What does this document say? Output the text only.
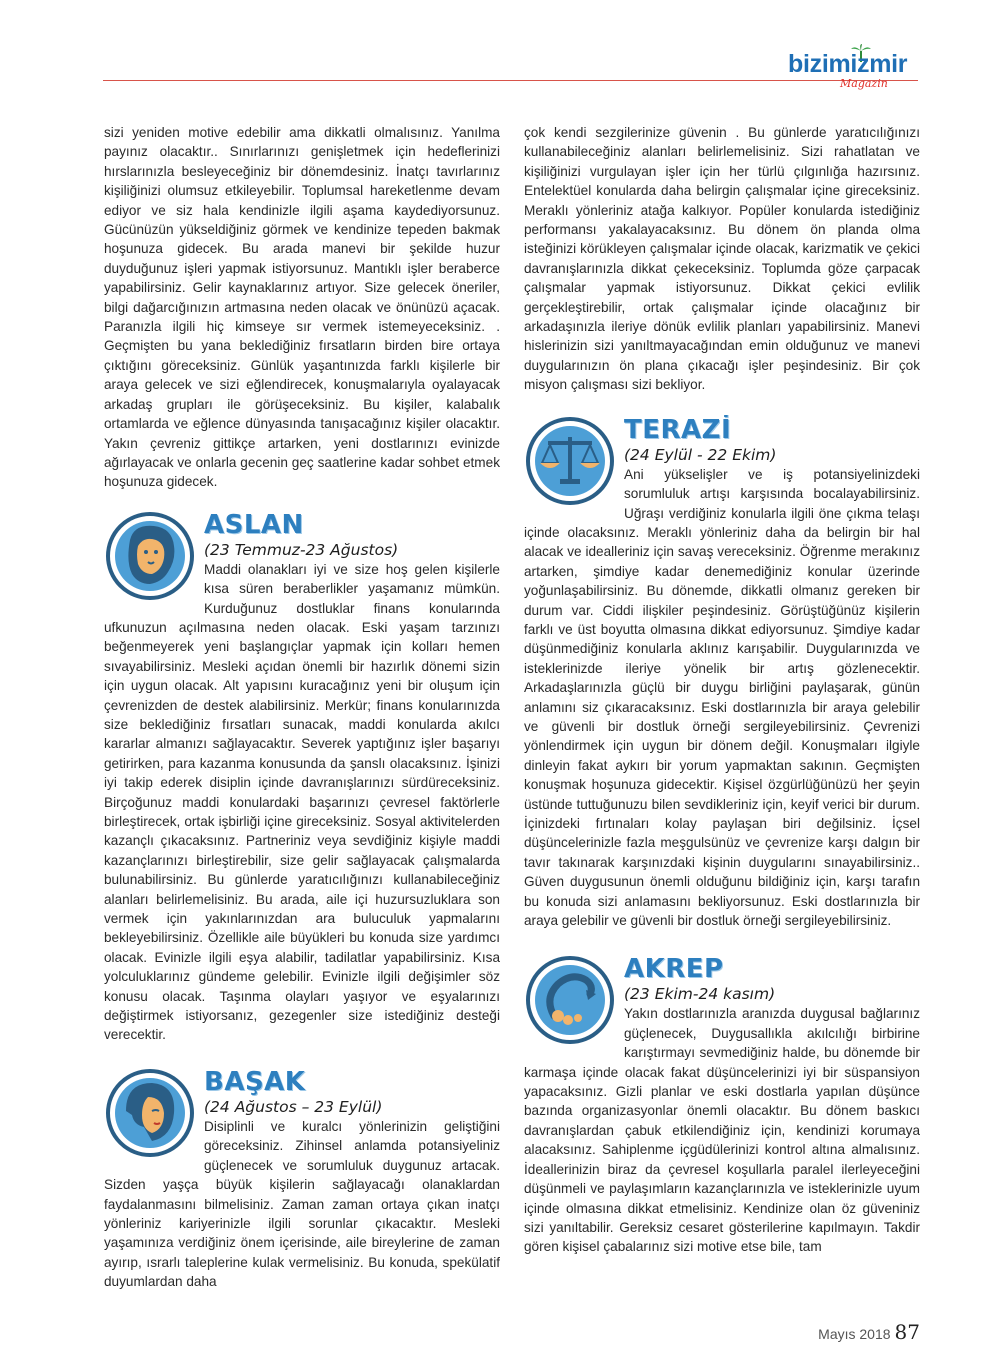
bizimizmir
Magazin

sizi yeniden motive edebilir ama dikkatli olmalısınız. Yanılma payınız olacaktır.. Sınırlarınızı genişletmek için hedeflerinizi hırslarınızla besleyeceğiniz bir dönemdesiniz. İnatçı tavırlarınız kişiliğinizi olumsuz etkileyebilir. Toplumsal hareketlenme devam ediyor ve siz hala kendinizle ilgili aşama kaydediyorsunuz. Gücünüzün yükseldiğiniz görmek ve kendinize tepeden bakmak hoşunuza gidecek. Bu arada manevi bir şekilde huzur duyduğunuz işleri yapmak istiyorsunuz. Mantıklı işler beraberce yapabilirsiniz. Gelir kaynaklarınız artıyor. Size gelecek öneriler, bilgi dağarcığınızın artmasına neden olacak ve önünüzü açacak. Paranızla ilgili hiç kimseye sır vermek istemeyeceksiniz. . Geçmişten bu yana beklediğiniz fırsatların birden bire ortaya çıktığını göreceksiniz. Günlük yaşantınızda farklı kişilerle bir araya gelecek ve sizi eğlendirecek, konuşmalarıyla oyalayacak arkadaş grupları ile görüşeceksiniz. Bu kişiler, kalabalık ortamlarda ve eğlence dünyasında tanışacağınız kişiler olacaktır. Yakın çevreniz gittikçe artarken, yeni dostlarınızı evinizde ağırlayacak ve onlarla gecenin geç saatlerine kadar sohbet etmek hoşunuza gidecek.

ASLAN

(23 Temmuz-23 Ağustos)

Maddi olanakları iyi ve size hoş gelen kişilerle kısa süren beraberlikler yaşamanız mümkün. Kurduğunuz dostluklar finans konularında ufkunuzun açılmasına neden olacak. Eski yaşam tarzınızı beğenmeyerek yeni başlangıçlar yapmak için kolları hemen sıvayabilirsiniz. Mesleki açıdan önemli bir hazırlık dönemi sizin için uygun olacak. Alt yapısını kuracağınız yeni bir oluşum için çevrenizden de destek alabilirsiniz. Merkür; finans konularınızda size beklediğiniz fırsatları sunacak, maddi konularda akılcı kararlar almanızı sağlayacaktır. Severek yaptığınız işler başarıyı getirirken, para kazanma konusunda da şanslı olacaksınız. İşinizi iyi takip ederek disiplin içinde davranışlarınızı sürdüreceksiniz. Birçoğunuz maddi konulardaki başarınızı çevresel faktörlerle birleştirecek, ortak işbirliği içine gireceksiniz. Sosyal aktivitelerden kazançlı çıkacaksınız. Partneriniz veya sevdiğiniz kişiyle maddi kazançlarınızı birleştirebilir, size gelir sağlayacak çalışmalarda bulunabilirsiniz. Bu günlerde yaratıcılığınızı kullanabileceğiniz alanları belirlemelisiniz. Bu arada, aile içi huzursuzluklara son vermek için yakınlarınızdan ara buluculuk yapmalarını bekleyebilirsiniz. Özellikle aile büyükleri bu konuda size yardımcı olacak. Evinizle ilgili eşya alabilir, tadilatlar yapabilirsiniz. Kısa yolculuklarınız gündeme gelebilir. Evinizle ilgili değişimler söz konusu olacak. Taşınma olayları yaşıyor ve eşyalarınızı değiştirmek istiyorsanız, gezegenler size istediğiniz desteği verecektir.

BAŞAK

(24 Ağustos – 23 Eylül)

Disiplinli ve kuralcı yönlerinizin geliştiğini göreceksiniz. Zihinsel anlamda potansiyeliniz güçlenecek ve sorumluluk duygunuz artacak. Sizden yaşça büyük kişilerin sağlayacağı olanaklardan faydalanmasını bilmelisiniz. Zaman zaman ortaya çıkan inatçı yönleriniz kariyerinizle ilgili sorunlar çıkacaktır. Mesleki yaşamınıza verdiğiniz önem içerisinde, aile bireylerine de zaman ayırıp, ısrarlı taleplerine kulak vermelisiniz. Bu konuda, spekülatif duyumlardan daha

çok kendi sezgilerinize güvenin . Bu günlerde yaratıcılığınızı kullanabileceğiniz alanları belirlemelisiniz. Sizi rahatlatan ve kişiliğinizi vurgulayan işler için her türlü çılgınlığa hazırsınız. Entelektüel konularda daha belirgin çalışmalar içine gireceksiniz. Meraklı yönleriniz atağa kalkıyor. Popüler konularda istediğiniz performansı yakalayacaksınız. Bu dönem ön planda olma isteğinizi körükleyen çalışmalar içinde olacak, karizmatik ve çekici davranışlarınızla dikkat çekeceksiniz. Toplumda göze çarpacak çalışmalar yapmak istiyorsunuz. Dikkat çekici evlilik gerçekleştirebilir, ortak çalışmalar içinde olacağınız bir arkadaşınızla ileriye dönük evlilik planları yapabilirsiniz. Manevi hislerinizin sizi yanıltmayacağından emin olduğunuz ve manevi duygularınızın ön plana çıkacağı işler peşindesiniz. Bir çok misyon çalışması sizi bekliyor.

TERAZİ

(24 Eylül - 22 Ekim)

Ani yükselişler ve iş potansiyelinizdeki sorumluluk artışı karşısında bocalayabilirsiniz. Uğraşı verdiğiniz konularla ilgili öne çıkma telaşı içinde olacaksınız. Meraklı yönleriniz daha da belirgin bir hal alacak ve idealleriniz için savaş vereceksiniz. Öğrenme merakınız artarken, şimdiye kadar denemediğiniz konular üzerinde yoğunlaşabilirsiniz. Bu dönemde, dikkatli olmanız gereken bir durum var. Ciddi ilişkiler peşindesiniz. Görüştüğünüz kişilerin farklı ve üst boyutta olmasına dikkat ediyorsunuz. Şimdiye kadar düşünmediğiniz konularla aklınız karışabilir. Duygularınızda ve isteklerinizde ileriye yönelik bir artış gözlenecektir. Arkadaşlarınızla güçlü bir duygu birliğini paylaşarak, günün anlamını siz çıkaracaksınız. Eski dostlarınızla bir araya gelebilir ve güvenli bir dostluk örneği sergileyebilirsiniz. Çevrenizi yönlendirmek için uygun bir dönem değil. Konuşmaları ilgiyle dinleyin fakat aykırı bir yorum yapmaktan sakının. Geçmişten konuşmak hoşunuza gidecektir. Kişisel özgürlüğünüzü her şeyin üstünde tuttuğunuzu bilen sevdikleriniz için, keyif verici bir durum. İçinizdeki fırtınaları kolay paylaşan biri değilsiniz. İçsel düşüncelerinizle fazla meşgulsünüz ve çevrenize karşı dalgın bir tavır takınarak karşınızdaki kişinin duygularını sınayabilirsiniz.. Güven duygusunun önemli olduğunu bildiğiniz için, karşı tarafın bu konuda sizi anlamasını bekliyorsunuz. Eski dostlarınızla bir araya gelebilir ve güvenli bir dostluk örneği sergileyebilirsiniz.

AKREP

(23 Ekim-24 kasım)

Yakın dostlarınızla aranızda duygusal bağlarınız güçlenecek, Duygusallıkla akılcılığı birbirine karıştırmayı sevmediğiniz halde, bu dönemde bir karmaşa içinde olacak fakat düşüncelerinizi iyi bir süspansiyon yapacaksınız. Gizli planlar ve eski dostlarla yapılan düşünce bazında organizasyonlar önemli olacaktır. Bu dönem baskıcı davranışlardan çabuk etkilendiğiniz için, kendinizi korumaya alacaksınız. Sahiplenme içgüdülerinizi kontrol altına almalısınız. İdeallerinizin biraz da çevresel koşullarla paralel ilerleyeceğini düşünmeli ve paylaşımların kazançlarınızla ve isteklerinizle uyum içinde olmasına dikkat etmelisiniz. Kendinize olan öz güveniniz sizi yanıltabilir. Gereksiz cesaret gösterilerine kapılmayın. Takdir gören kişisel çabalarınız sizi motive etse bile, tam

Mayıs 2018 87
